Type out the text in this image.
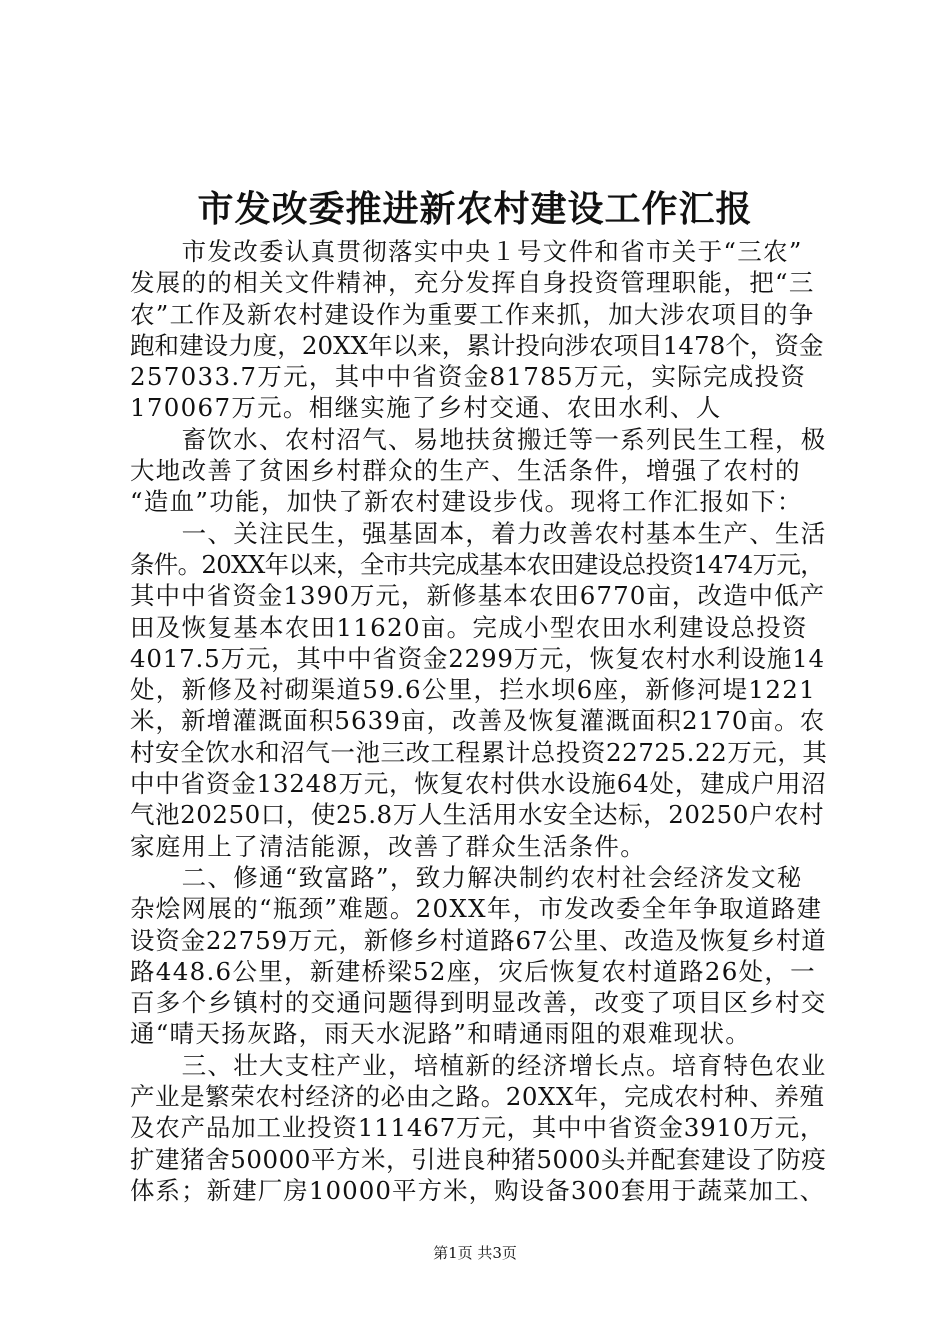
市发改委推进新农村建设工作汇报
　　市发改委认真贯彻落实中央１号文件和省市关于“三农”
发展的的相关文件精神，充分发挥自身投资管理职能，把“三
农”工作及新农村建设作为重要工作来抓，加大涉农项目的争
跑和建设力度，20XX年以来，累计投向涉农项目1478个，资金
257033.7万元，其中中省资金81785万元，实际完成投资
170067万元。相继实施了乡村交通、农田水利、人
　　畜饮水、农村沼气、易地扶贫搬迁等一系列民生工程，极
大地改善了贫困乡村群众的生产、生活条件，增强了农村的
“造血”功能，加快了新农村建设步伐。现将工作汇报如下：
　　一、关注民生，强基固本，着力改善农村基本生产、生活
条件。20XX年以来，全市共完成基本农田建设总投资1474万元，
其中中省资金1390万元，新修基本农田6770亩，改造中低产
田及恢复基本农田11620亩。完成小型农田水利建设总投资
4017.5万元，其中中省资金2299万元，恢复农村水利设施14
处，新修及衬砌渠道59.6公里，拦水坝6座，新修河堤1221
米，新增灌溉面积5639亩，改善及恢复灌溉面积2170亩。农
村安全饮水和沼气一池三改工程累计总投资22725.22万元，其
中中省资金13248万元，恢复农村供水设施64处，建成户用沼
气池20250口，使25.8万人生活用水安全达标，20250户农村
家庭用上了清洁能源，改善了群众生活条件。
　　二、修通“致富路”，致力解决制约农村社会经济发文秘
杂烩网展的“瓶颈”难题。20XX年，市发改委全年争取道路建
设资金22759万元，新修乡村道路67公里、改造及恢复乡村道
路448.6公里，新建桥梁52座，灾后恢复农村道路26处，一
百多个乡镇村的交通问题得到明显改善，改变了项目区乡村交
通“晴天扬灰路，雨天水泥路”和晴通雨阻的艰难现状。
　　三、壮大支柱产业，培植新的经济增长点。培育特色农业
产业是繁荣农村经济的必由之路。20XX年，完成农村种、养殖
及农产品加工业投资111467万元，其中中省资金3910万元，
扩建猪舍50000平方米，引进良种猪5000头并配套建设了防疫
体系；新建厂房10000平方米，购设备300套用于蔬菜加工、
第1页 共3页
